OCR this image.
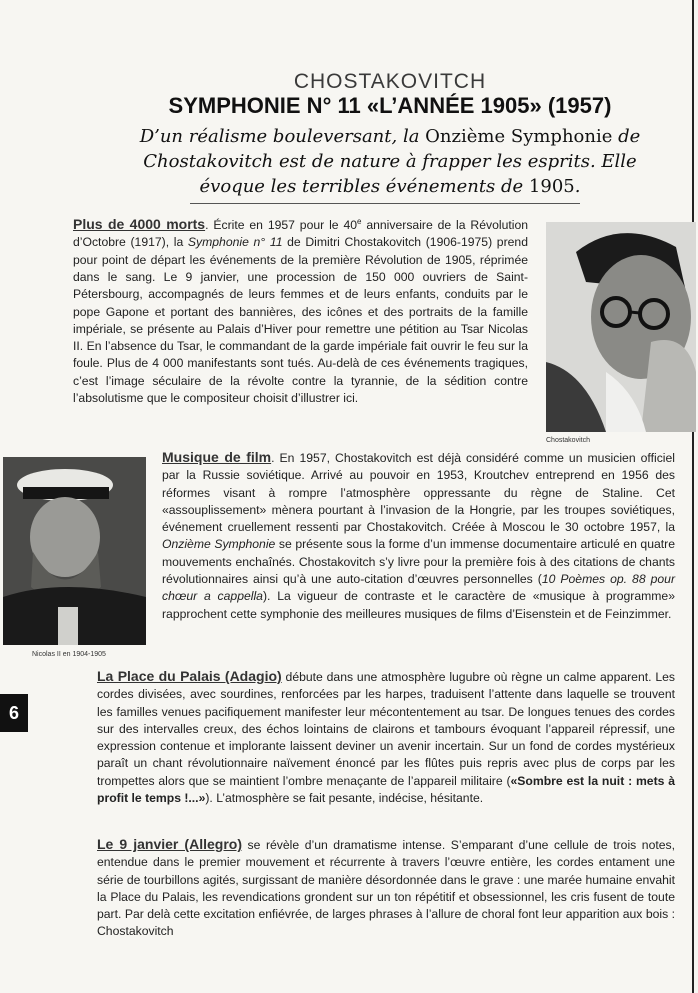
CHOSTAKOVITCH
SYMPHONIE N° 11 «L’ANNÉE 1905» (1957)
D’un réalisme bouleversant, la Onzième Symphonie de Chostakovitch est de nature à frapper les esprits. Elle évoque les terribles événements de 1905.
Plus de 4000 morts. Écrite en 1957 pour le 40e anniversaire de la Révolution d’Octobre (1917), la Symphonie n° 11 de Dimitri Chostakovitch (1906-1975) prend pour point de départ les événements de la première Révolution de 1905, réprimée dans le sang. Le 9 janvier, une procession de 150 000 ouvriers de Saint-Pétersbourg, accompagnés de leurs femmes et de leurs enfants, conduits par le pope Gapone et portant des bannières, des icônes et des portraits de la famille impériale, se présente au Palais d’Hiver pour remettre une pétition au Tsar Nicolas II. En l’absence du Tsar, le commandant de la garde impériale fait ouvrir le feu sur la foule. Plus de 4 000 manifestants sont tués. Au-delà de ces événements tragiques, c’est l’image séculaire de la révolte contre la tyrannie, de la sédition contre l’absolutisme que le compositeur choisit d’illustrer ici.
Chostakovitch
Nicolas II en 1904-1905
Musique de film. En 1957, Chostakovitch est déjà considéré comme un musicien officiel par la Russie soviétique. Arrivé au pouvoir en 1953, Kroutchev entreprend en 1956 des réformes visant à rompre l’atmosphère oppressante du règne de Staline. Cet «assouplissement» mènera pourtant à l’invasion de la Hongrie, par les troupes soviétiques, événement cruellement ressenti par Chostakovitch. Créée à Moscou le 30 octobre 1957, la Onzième Symphonie se présente sous la forme d’un immense documentaire articulé en quatre mouvements enchaînés. Chostakovitch s’y livre pour la première fois à des citations de chants révolutionnaires ainsi qu’à une auto-citation d’œuvres personnelles (10 Poèmes op. 88 pour chœur a cappella). La vigueur de contraste et le caractère de «musique à programme» rapprochent cette symphonie des meilleures musiques de films d’Eisenstein et de Feinzimmer.
La Place du Palais (Adagio) débute dans une atmosphère lugubre où règne un calme apparent. Les cordes divisées, avec sourdines, renforcées par les harpes, traduisent l’attente dans laquelle se trouvent les familles venues pacifiquement manifester leur mécontentement au tsar. De longues tenues des cordes sur des intervalles creux, des échos lointains de clairons et tambours évoquant l’appareil répressif, une expression contenue et implorante laissent deviner un avenir incertain. Sur un fond de cordes mystérieux paraît un chant révolutionnaire naïvement énoncé par les flûtes puis repris avec plus de corps par les trompettes alors que se maintient l’ombre menaçante de l’appareil militaire («Sombre est la nuit : mets à profit le temps !...»). L’atmosphère se fait pesante, indécise, hésitante.
Le 9 janvier (Allegro) se révèle d’un dramatisme intense. S’emparant d’une cellule de trois notes, entendue dans le premier mouvement et récurrente à travers l’œuvre entière, les cordes entament une série de tourbillons agités, surgissant de manière désordonnée dans le grave : une marée humaine envahit la Place du Palais, les revendications grondent sur un ton répétitif et obsessionnel, les cris fusent de toute part. Par delà cette excitation enfiévrée, de larges phrases à l’allure de choral font leur apparition aux bois : Chostakovitch
6
